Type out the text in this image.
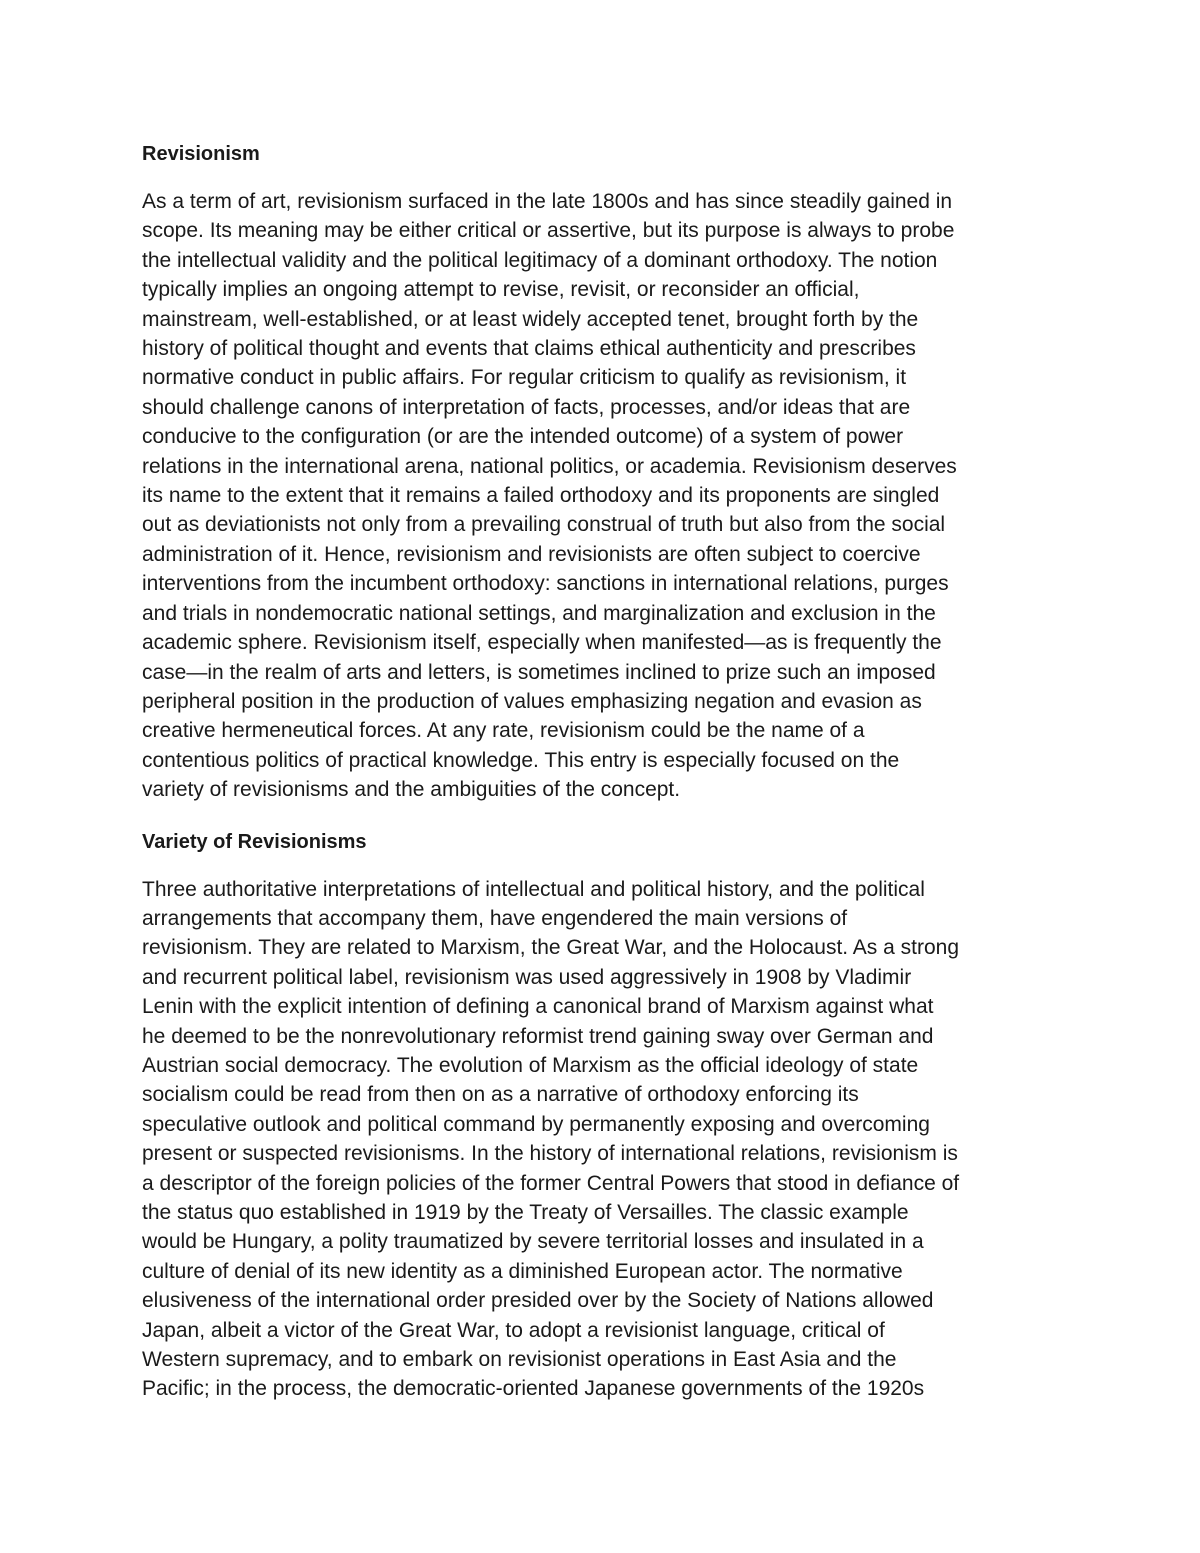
Revisionism
As a term of art, revisionism surfaced in the late 1800s and has since steadily gained in
scope. Its meaning may be either critical or assertive, but its purpose is always to probe
the intellectual validity and the political legitimacy of a dominant orthodoxy. The notion
typically implies an ongoing attempt to revise, revisit, or reconsider an official,
mainstream, well-established, or at least widely accepted tenet, brought forth by the
history of political thought and events that claims ethical authenticity and prescribes
normative conduct in public affairs. For regular criticism to qualify as revisionism, it
should challenge canons of interpretation of facts, processes, and/or ideas that are
conducive to the configuration (or are the intended outcome) of a system of power
relations in the international arena, national politics, or academia. Revisionism deserves
its name to the extent that it remains a failed orthodoxy and its proponents are singled
out as deviationists not only from a prevailing construal of truth but also from the social
administration of it. Hence, revisionism and revisionists are often subject to coercive
interventions from the incumbent orthodoxy: sanctions in international relations, purges
and trials in nondemocratic national settings, and marginalization and exclusion in the
academic sphere. Revisionism itself, especially when manifested—as is frequently the
case—in the realm of arts and letters, is sometimes inclined to prize such an imposed
peripheral position in the production of values emphasizing negation and evasion as
creative hermeneutical forces. At any rate, revisionism could be the name of a
contentious politics of practical knowledge. This entry is especially focused on the
variety of revisionisms and the ambiguities of the concept.
Variety of Revisionisms
Three authoritative interpretations of intellectual and political history, and the political
arrangements that accompany them, have engendered the main versions of
revisionism. They are related to Marxism, the Great War, and the Holocaust. As a strong
and recurrent political label, revisionism was used aggressively in 1908 by Vladimir
Lenin with the explicit intention of defining a canonical brand of Marxism against what
he deemed to be the nonrevolutionary reformist trend gaining sway over German and
Austrian social democracy. The evolution of Marxism as the official ideology of state
socialism could be read from then on as a narrative of orthodoxy enforcing its
speculative outlook and political command by permanently exposing and overcoming
present or suspected revisionisms. In the history of international relations, revisionism is
a descriptor of the foreign policies of the former Central Powers that stood in defiance of
the status quo established in 1919 by the Treaty of Versailles. The classic example
would be Hungary, a polity traumatized by severe territorial losses and insulated in a
culture of denial of its new identity as a diminished European actor. The normative
elusiveness of the international order presided over by the Society of Nations allowed
Japan, albeit a victor of the Great War, to adopt a revisionist language, critical of
Western supremacy, and to embark on revisionist operations in East Asia and the
Pacific; in the process, the democratic-oriented Japanese governments of the 1920s
